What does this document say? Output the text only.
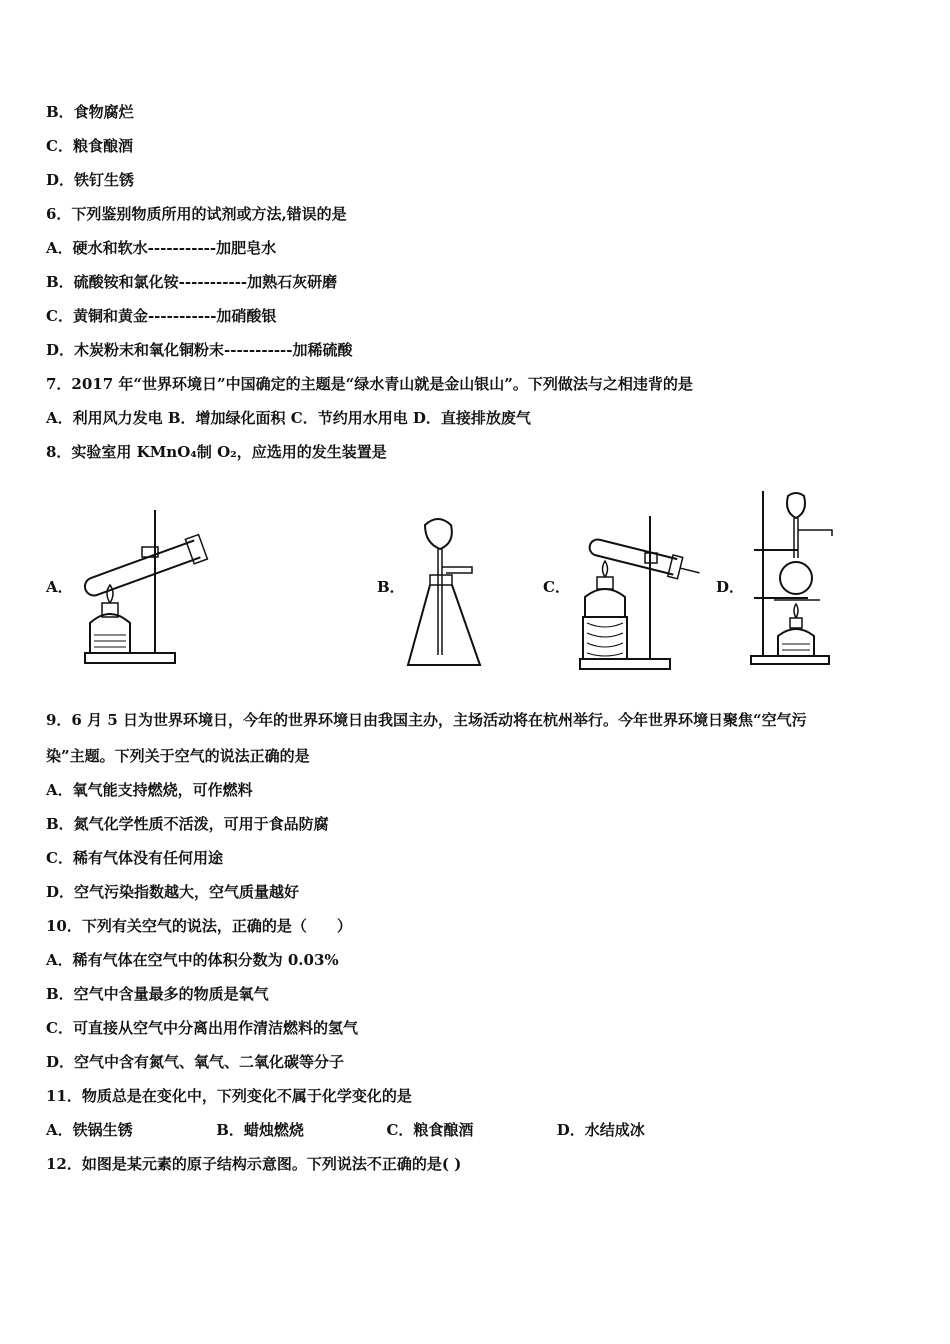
B．食物腐烂
C．粮食酿酒
D．铁钉生锈
6．下列鉴别物质所用的试剂或方法,错误的是
A．硬水和软水-----------加肥皂水
B．硫酸铵和氯化铵-----------加熟石灰研磨
C．黄铜和黄金-----------加硝酸银
D．木炭粉末和氧化铜粉末-----------加稀硫酸
7．2017 年“世界环境日”中国确定的主题是“绿水青山就是金山银山”。下列做法与之相违背的是
A．利用风力发电 B．增加绿化面积 C．节约用水用电 D．直接排放废气
8．实验室用 KMnO₄制 O₂，应选用的发生装置是
A．	B．	C．	D．
9．6 月 5 日为世界环境日，今年的世界环境日由我国主办，主场活动将在杭州举行。今年世界环境日聚焦“空气污
染”主题。下列关于空气的说法正确的是
A．氧气能支持燃烧，可作燃料
B．氮气化学性质不活泼，可用于食品防腐
C．稀有气体没有任何用途
D．空气污染指数越大，空气质量越好
10．下列有关空气的说法，正确的是（　　）
A．稀有气体在空气中的体积分数为 0.03%
B．空气中含量最多的物质是氧气
C．可直接从空气中分离出用作清洁燃料的氢气
D．空气中含有氮气、氧气、二氧化碳等分子
11．物质总是在变化中，下列变化不属于化学变化的是
A．铁锅生锈	B．蜡烛燃烧	C．粮食酿酒	D．水结成冰
12．如图是某元素的原子结构示意图。下列说法不正确的是( )
